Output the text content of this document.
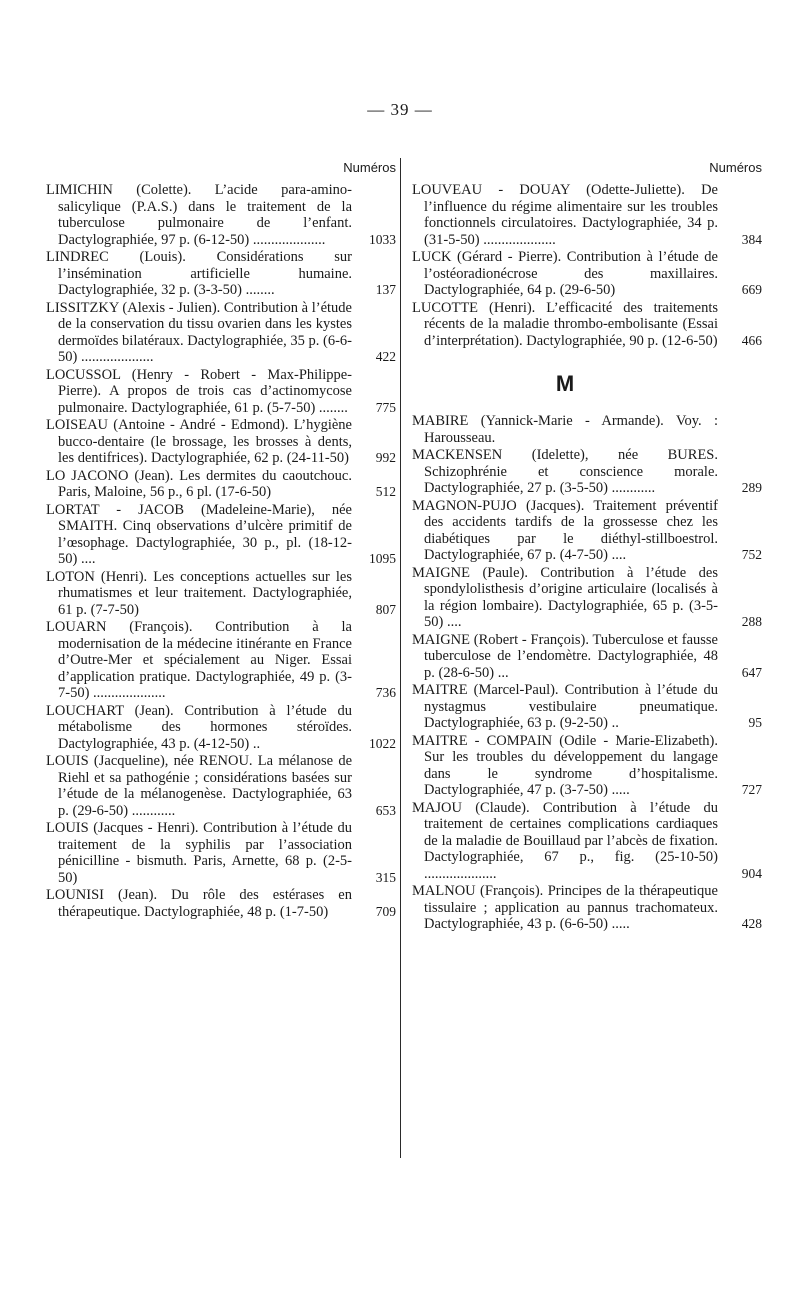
— 39 —
Numéros
LIMICHIN (Colette). L’acide para-amino-salicylique (P.A.S.) dans le traitement de la tuberculose pulmonaire de l’enfant. Dactylographiée, 97 p. (6-12-50) ....................	1033
LINDREC (Louis). Considérations sur l’insémination artificielle humaine. Dactylographiée, 32 p. (3-3-50) ........	137
LISSITZKY (Alexis - Julien). Contribution à l’étude de la conservation du tissu ovarien dans les kystes dermoïdes bilatéraux. Dactylographiée, 35 p. (6-6-50) ....................	422
LOCUSSOL (Henry - Robert - Max-Philippe-Pierre). A propos de trois cas d’actinomycose pulmonaire. Dactylographiée, 61 p. (5-7-50) ........	775
LOISEAU (Antoine - André - Edmond). L’hygiène bucco-dentaire (le brossage, les brosses à dents, les dentifrices). Dactylographiée, 62 p. (24-11-50) 992
LO JACONO (Jean). Les dermites du caoutchouc. Paris, Maloine, 56 p., 6 pl. (17-6-50)	512
LORTAT - JACOB (Madeleine-Marie), née SMAITH. Cinq observations d’ulcère primitif de l’œsophage. Dactylographiée, 30 p., pl. (18-12-50) ....	1095
LOTON (Henri). Les conceptions actuelles sur les rhumatismes et leur traitement. Dactylographiée, 61 p. (7-7-50)	807
LOUARN (François). Contribution à la modernisation de la médecine itinérante en France d’Outre-Mer et spécialement au Niger. Essai d’application pratique. Dactylographiée, 49 p. (3-7-50) ....................	736
LOUCHART (Jean). Contribution à l’étude du métabolisme des hormones stéroïdes. Dactylographiée, 43 p. (4-12-50) ..	1022
LOUIS (Jacqueline), née RENOU. La mélanose de Riehl et sa pathogénie ; considérations basées sur l’étude de la mélanogenèse. Dactylographiée, 63 p. (29-6-50) ............	653
LOUIS (Jacques - Henri). Contribution à l’étude du traitement de la syphilis par l’association pénicilline - bismuth. Paris, Arnette, 68 p. (2-5-50)	315
LOUNISI (Jean). Du rôle des estérases en thérapeutique. Dactylographiée, 48 p. (1-7-50)	709
Numéros
LOUVEAU - DOUAY (Odette-Juliette). De l’influence du régime alimentaire sur les troubles fonctionnels circulatoires. Dactylographiée, 34 p. (31-5-50) ....................	384
LUCK (Gérard - Pierre). Contribution à l’étude de l’ostéoradionécrose des maxillaires. Dactylographiée, 64 p. (29-6-50)	669
LUCOTTE (Henri). L’efficacité des traitements récents de la maladie thrombo-embolisante (Essai d’interprétation). Dactylographiée, 90 p. (12-6-50) 466
M
MABIRE (Yannick-Marie - Armande). Voy. : Harousseau.
MACKENSEN (Idelette), née BURES. Schizophrénie et conscience morale. Dactylographiée, 27 p. (3-5-50) ............	289
MAGNON-PUJO (Jacques). Traitement préventif des accidents tardifs de la grossesse chez les diabétiques par le diéthyl-stillboestrol. Dactylographiée, 67 p. (4-7-50) ....	752
MAIGNE (Paule). Contribution à l’étude des spondylolisthesis d’origine articulaire (localisés à la région lombaire). Dactylographiée, 65 p. (3-5-50) ....	288
MAIGNE (Robert - François). Tuberculose et fausse tuberculose de l’endomètre. Dactylographiée, 48 p. (28-6-50) ...	647
MAITRE (Marcel-Paul). Contribution à l’étude du nystagmus vestibulaire pneumatique. Dactylographiée, 63 p. (9-2-50) ..	95
MAITRE - COMPAIN (Odile - Marie-Elizabeth). Sur les troubles du développement du langage dans le syndrome d’hospitalisme. Dactylographiée, 47 p. (3-7-50) .....	727
MAJOU (Claude). Contribution à l’étude du traitement de certaines complications cardiaques de la maladie de Bouillaud par l’abcès de fixation. Dactylographiée, 67 p., fig. (25-10-50) ....................	904
MALNOU (François). Principes de la thérapeutique tissulaire ; application au pannus trachomateux. Dactylographiée, 43 p. (6-6-50) .....	428
